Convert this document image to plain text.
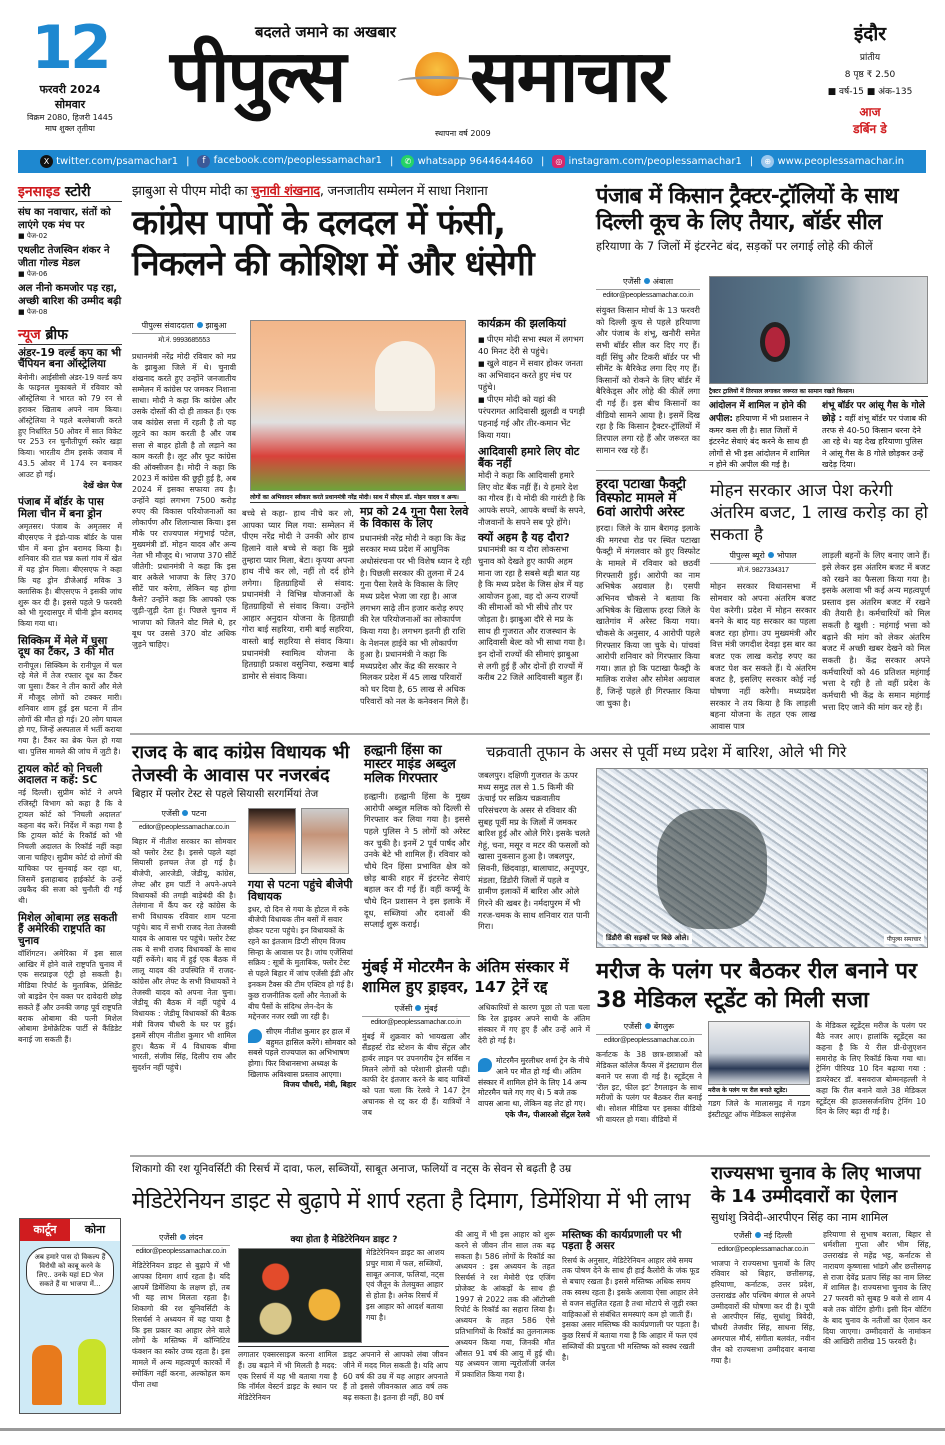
12
फरवरी 2024
सोमवार
विक्रम 2080, हिजरी 1445
माघ शुक्ल तृतीया
बदलते जमाने का अखबार
पीपुल्स समाचार
स्थापना वर्ष 2009
इंदौर
प्रांतीय
8 पृष्ठ ₹ 2.50
■ वर्ष-15 ■ अंक-135
आज
डर्बिन डे
X twitter.com/psamachar1 |	f facebook.com/peoplessamachar1 |	✆ whatsapp 9644644460 |	◎ instagram.com/peoplessamachar1 |	⊕ www.peoplessamachar.in
इनसाइड स्टोरी
संघ का नवाचार, संतों को लाएंगे एक मंच पर
■ पेज-02
एथलीट तेजस्विन शंकर ने जीता गोल्ड मेडल
■ पेज-06
अल नीनो कमजोर पड़ रहा, अच्छी बारिश की उम्मीद बढ़ी
■ पेज-08
न्यूज ब्रीफ
अंडर-19 वर्ल्ड कप का भी चैंपियन बना ऑस्ट्रेलिया
बेनोनी। आईसीसी अंडर-19 वर्ल्ड कप के फाइनल मुकाबले में रविवार को ऑस्ट्रेलिया ने भारत को 79 रन से हराकर खिताब अपने नाम किया। ऑस्ट्रेलिया ने पहले बल्लेबाजी करते हुए निर्धारित 50 ओवर में सात विकेट पर 253 रन चुनौतीपूर्ण स्कोर खड़ा किया। भारतीय टीम इसके जवाब में 43.5 ओवर में 174 रन बनाकर आउट हो गई।
देखें खेल पेज
पंजाब में बॉर्डर के पास मिला चीन में बना ड्रोन
अमृतसर। पंजाब के अमृतसर में बीएसएफ ने इंडो-पाक बॉर्डर के पास चीन में बना ड्रोन बरामद किया है। शनिवार की रात चन्न कलां गांव में खेत में यह ड्रोन मिला। बीएसएफ ने कहा कि यह ड्रोन डीजेआई मविक 3 क्लासिक है। बीएसएफ ने इसकी जांच शुरू कर दी है। इससे पहले 9 फरवरी को भी गुरदासपुर में चीनी ड्रोन बरामद किया गया था।
सिक्किम में मेले में घुसा दूध का टैंकर, 3 की मौत
रानीपूल। सिक्किम के रानीपूल में चल रहे मेले में तेज रफ्तार दूध का टैंकर जा घुसा। टैंकर ने तीन कारों और मेले में मौजूद लोगों को टक्कर मारी। शनिवार शाम हुई इस घटना में तीन लोगों की मौत हो गई। 20 लोग घायल हो गए, जिन्हें अस्पताल में भर्ती कराया गया है। टैंकर का ब्रेक फेल हो गया था। पुलिस मामले की जांच में जुटी है।
ट्रायल कोर्ट को निचली अदालत न कहें: SC
नई दिल्ली। सुप्रीम कोर्ट ने अपने रजिस्ट्री विभाग को कहा है कि वे ट्रायल कोर्ट को 'निचली अदालत' कहना बंद करें। निर्देश में कहा गया है कि ट्रायल कोर्ट के रिकॉर्ड को भी निचली अदालत के रिकॉर्ड नहीं कहा जाना चाहिए। सुप्रीम कोर्ट दो लोगों की याचिका पर सुनवाई कर रहा था, जिसमें इलाहाबाद हाईकोर्ट के उन्हें उम्रकैद की सजा को चुनौती दी गई थी।
मिशेल ओबामा लड़ सकती हैं अमेरिकी राष्ट्रपति का चुनाव
वॉशिंगटन। अमेरिका में इस साल आखिर में होने वाले राष्ट्रपति चुनाव में एक सरप्राइज एंट्री हो सकती है। मीडिया रिपोर्ट के मुताबिक, प्रेसिडेंट जो बाइडेन ऐन वक्त पर दावेदारी छोड़ सकते हैं और उनकी जगह पूर्व राष्ट्रपति बराक ओबामा की पत्नी मिशेल ओबामा डेमोक्रेटिक पार्टी से कैंडिडेट बनाई जा सकती हैं।
कार्टून	कोना
अब हमारे पास दो विकल्प हैं विरोधी को काबू करने के लिए.. उनके यहां ED भेज सकते हैं या भाजपा में...
झाबुआ से पीएम मोदी का चुनावी शंखनाद, जनजातीय सम्मेलन में साधा निशाना
कांग्रेस पापों के दलदल में फंसी,
निकलने की कोशिश में और धंसेगी
पीपुल्स संवाददाता झाबुआ
मो.नं. 9993685553
प्रधानमंत्री नरेंद्र मोदी रविवार को मप्र के झाबुआ जिले में थे। चुनावी शंखनाद करते हुए उन्होंने जनजातीय सम्मेलन में कांग्रेस पर जमकर निशाना साधा। मोदी ने कहा कि कांग्रेस और उसके दोस्तों की दो ही ताकत हैं। एक जब कांग्रेस सत्ता में रहती है तो यह लूटने का काम करती है और जब सत्ता से बाहर होती है तो लड़ाने का काम करती है। लूट और फूट कांग्रेस की ऑक्सीजन है। मोदी ने कहा कि 2023 में कांग्रेस की छुट्टी हुई है, अब 2024 में इसका सफाया तय है। उन्होंने यहां लगभग 7500 करोड़ रुपए की विकास परियोजनाओं का लोकार्पण और शिलान्यास किया। इस मौके पर राज्यपाल मंगुभाई पटेल, मुख्यमंत्री डॉ. मोहन यादव और अन्य नेता भी मौजूद थे। भाजपा 370 सीटें जीतेगी: प्रधानमंत्री ने कहा कि इस बार अकेले भाजपा के लिए 370 सीटें पार करेगा, लेकिन यह होगा कैसे? उन्होंने कहा कि आपको एक जुड़ी-जुड़ी देता हूं। पिछले चुनाव में भाजपा को जितने वोट मिले थे, हर बूथ पर उससे 370 वोट अधिक जुड़ने चाहिए।
लोगों का अभिवादन स्वीकार करते प्रधानमंत्री नरेंद्र मोदी। साथ में सीएम डॉ. मोहन यादव व अन्य।
कार्यक्रम की झलकियां
■ पीएम मोदी सभा स्थल में लगभग 40 मिनट देरी से पहुंचे।
■ खुले वाहन में सवार होकर जनता का अभिवादन करते हुए मंच पर पहुंचे।
■ पीएम मोदी को यहां की परंपरागत आदिवासी झुलडी व पगड़ी पहनाई गई और तीर-कमान भेंट किया गया।
आदिवासी हमारे लिए वोट बैंक नहीं
मोदी ने कहा कि आदिवासी हमारे लिए वोट बैंक नहीं हैं। ये हमारे देश का गौरव हैं। ये मोदी की गारंटी है कि आपके सपने, आपके बच्चों के सपने, नौजवानों के सपने सब पूरे होंगे।
क्यों अहम है यह दौरा?
प्रधानमंत्री का य दौरा लोकसभा चुनाव को देखते हुए काफी अहम माना जा रहा है सबसे बड़ी बात यह है कि मध्य प्रदेश के जिस क्षेत्र में यह आयोजन हुआ, वह दो अन्य राज्यों की सीमाओं को भी सीधे तौर पर जोड़ता है। झाबुआ दौरे से मप्र के साथ ही गुजरात और राजस्थान के आदिवासी बेल्ट को भी साधा गया है। इन दोनों राज्यों की सीमाएं झाबुआ से लगी हुई हैं और दोनों ही राज्यों में करीब 22 जिले आदिवासी बहुल हैं।
बच्चे से कहा- हाथ नीचे कर लो, आपका प्यार मिल गया: सम्मेलन में पीएम नरेंद्र मोदी ने उनकी ओर हाथ हिलाने वाले बच्चे से कहा कि मुझे तुम्हारा प्यार मिला, बेटा। कृपया अपना हाथ नीचे कर लो, नहीं तो दर्द होने लगेगा। हितग्राहियों से संवाद: प्रधानमंत्री ने विभिन्न योजनाओं के हितग्राहियों से संवाद किया। उन्होंने आहार अनुदान योजना के हितग्राही गोरा बाई सहरिया, रामी बाई सहरिया, वास्तो बाई सहरिया से संवाद किया। प्रधानमंत्री स्वामित्व योजना के हितग्राही प्रकाश वसुनिया, रुखमा बाई डामोर से संवाद किया।
मप्र को 24 गुना पैसा रेलवे के विकास के लिए
प्रधानमंत्री नरेंद्र मोदी ने कहा कि केंद्र सरकार मध्य प्रदेश में आधुनिक अधोसंरचना पर भी विशेष ध्यान दे रही है। पिछली सरकार की तुलना में 24 गुना पैसा रेलवे के विकास के लिए मध्य प्रदेश भेजा जा रहा है। आज लगभग साढ़े तीन हजार करोड़ रुपए की रेल परियोजनाओं का लोकार्पण किया गया है। लगभग इतनी ही राशि के नेशनल हाईवे का भी लोकार्पण हुआ है। प्रधानमंत्री ने कहा कि मध्यप्रदेश और केंद्र की सरकार ने मिलकर प्रदेश में 45 लाख परिवारों को घर दिया है, 65 लाख से अधिक परिवारों को नल के कनेक्शन मिले हैं।
पंजाब में किसान ट्रैक्टर-ट्रॉलियों के साथ दिल्ली कूच के लिए तैयार, बॉर्डर सील
हरियाणा के 7 जिलों में इंटरनेट बंद, सड़कों पर लगाई लोहे की कीलें
एजेंसी अंबाला
editor@peoplessamachar.co.in
संयुक्त किसान मोर्चा के 13 फरवरी को दिल्ली कूच से पहले हरियाणा और पंजाब के शंभू, खनौरी समेत सभी बॉर्डर सील कर दिए गए हैं। वहीं सिंघु और टिकरी बॉर्डर पर भी सीमेंट के बैरिकेड लगा दिए गए हैं। किसानों को रोकने के लिए बॉर्डर में बैरिकेड्स और लोहे की कीलें लगा दी गई हैं। इस बीच किसानों का वीडियो सामने आया है। इसमें दिख रहा है कि किसान ट्रैक्टर-ट्रॉलियों में तिरपाल लगा रहे हैं और जरूरत का सामान रख रहे हैं।
ट्रैक्टर ट्रालियों में तिरपाल लगाकर जरूरत का सामान रखते किसान।
आंदोलन में शामिल न होने की अपील: हरियाणा में भी प्रशासन ने कमर कस ली है। सात जिलों में इंटरनेट सेवाएं बंद करने के साथ ही लोगों से भी इस आंदोलन में शामिल न होने की अपील की गई है।
शंभू बॉर्डर पर आंसू गैस के गोले छोड़े : वहीं शंभू बॉर्डर पर पंजाब की तरफ से 40-50 किसान धरना देने आ रहे थे। यह देख हरियाणा पुलिस ने आंसू गैस के 8 गोले छोड़कर उन्हें खदेड़ दिया।
हरदा पटाखा फैक्ट्री विस्फोट मामले में 6वां आरोपी अरेस्ट
हरदा। जिले के ग्राम बैरागढ़ इलाके की मगरधा रोड पर स्थित पटाखा फैक्ट्री में मंगलवार को हुए विस्फोट के मामले में रविवार को छठवीं गिरफ्तारी हुई। आरोपी का नाम अभिषेक अग्रवाल है। एसपी अभिनव चौकसे ने बताया कि अभिषेक के खिलाफ हरदा जिले के खातेगांव में अरेस्ट किया गया। चौकसे के अनुसार, 4 आरोपी पहले गिरफ्तार किया जा चुके थे। पांचवां आरोपी शनिवार को गिरफ्तार किया गया। ज्ञात हो कि पटाखा फैक्ट्री के मालिक राजेश और सोमेश अग्रवाल हैं, जिन्हें पहले ही गिरफ्तार किया जा चुका है।
मोहन सरकार आज पेश करेगी अंतरिम बजट, 1 लाख करोड़ का हो सकता है
पीपुल्स ब्यूरो भोपाल
मो.नं. 9827334317
मोहन सरकार विधानसभा में सोमवार को अपना अंतरिम बजट पेश करेगी। प्रदेश में मोहन सरकार बनने के बाद यह सरकार का पहला बजट रहा होगा। उप मुख्यमंत्री और वित्त मंत्री जगदीश देवड़ा इस बार का बजट एक लाख करोड़ रुपए का बजट पेश कर सकते हैं। ये अंतरिम बजट है, इसलिए सरकार कोई नई घोषणा नहीं करेगी। मध्यप्रदेश सरकार ने तय किया है कि लाड़ली बहना योजना के तहत एक लाख आवास पात्र
लाड़ली बहनों के लिए बनाए जाने हैं। इसे लेकर इस अंतरिम बजट में बजट को रखने का फैसला किया गया है। इसके अलावा भी कई अन्य महत्वपूर्ण प्रस्ताव इस अंतरिम बजट में रखने की तैयारी है। कर्मचारियों को मिल सकती है खुशी : महंगाई भत्ता को बढ़ाने की मांग को लेकर अंतरिम बजट में अच्छी खबर देखने को मिल सकती है। केंद्र सरकार अपने कर्मचारियों को 46 प्रतिशत महंगाई भत्ता दे रही है तो वहीं प्रदेश के कर्मचारी भी केंद्र के समान महंगाई भत्ता दिए जाने की मांग कर रहे हैं।
राजद के बाद कांग्रेस विधायक भी तेजस्वी के आवास पर नजरबंद
बिहार में फ्लोर टेस्ट से पहले सियासी सरगर्मियां तेज
एजेंसी पटना
editor@peoplessamachar.co.in
बिहार में नीतीश सरकार का सोमवार को फ्लोर टेस्ट है। इससे पहले यहां सियासी हलचल तेज हो गई है। बीजेपी, आरजेडी, जेडीयू, कांग्रेस, लेफ्ट और हम पार्टी ने अपने-अपने विधायकों की तगड़ी बाड़ेबंदी की है। तेलंगाना में कैंप कर रहे कांग्रेस के सभी विधायक रविवार शाम पटना पहुंचे। बाद में सभी राजद नेता तेजस्वी यादव के आवास पर पहुंचे। फ्लोर टेस्ट तक ये सभी राजद विधायकों के साथ यहीं रुकेंगे। बाद में हुई एक बैठक में लालू यादव की उपस्थिति में राजद-कांग्रेस और लेफ्ट के सभी विधायकों ने तेजस्वी यादव को अपना नेता चुना। जेडीयू की बैठक में नहीं पहुंचे 4 विधायक : जेडीयू विधायकों की बैठक मंत्री विजय चौधरी के घर पर हुई। इसमें सीएम नीतीश कुमार भी शामिल हुए। बैठक में 4 विधायक बीमा भारती, संजीव सिंह, दिलीप राय और सुदर्शन नहीं पहुंचे।
गया से पटना पहुंचे बीजेपी विधायक
इधर, दो दिन से गया के होटल में रुके बीजेपी विधायक तीन बसों में सवार होकर पटना पहुंचे। इन विधायकों के रहने का इंतजाम डिप्टी सीएम विजय सिन्हा के आवास पर है। जांच एजेंसियां सक्रिय : सूत्रों के मुताबिक, फ्लोर टेस्ट से पहले बिहार में जांच एजेंसी ईडी और इनकम टैक्स की टीम एक्टिव हो गई है। कुछ राजनीतिक दलों और नेताओं के बीच पैसों के संदिग्ध लेन-देन के मद्देनजर नजर रखी जा रही है।
सीएम नीतीश कुमार हर हाल में बहुमत हासिल करेंगे। सोमवार को सबसे पहले राज्यपाल का अभिभाषण होगा। फिर विधानसभा अध्यक्ष के खिलाफ अविश्वास प्रस्ताव आएगा।
विजय चौधरी, मंत्री, बिहार
हल्द्वानी हिंसा का मास्टर माइंड अब्दुल मलिक गिरफ्तार
हल्द्वानी। हल्द्वानी हिंसा के मुख्य आरोपी अब्दुल मलिक को दिल्ली से गिरफ्तार कर लिया गया है। इससे पहले पुलिस ने 5 लोगों को अरेस्ट कर चुकी है। इनमें 2 पूर्व पार्षद और उनके बेटे भी शामिल हैं। रविवार को चौथे दिन हिंसा प्रभावित क्षेत्र को छोड़ बाकी शहर में इंटरनेट सेवाएं बहाल कर दी गई हैं। वहीं कर्फ्यू के चौथे दिन प्रशासन ने इस इलाके में दूध, सब्जियां और दवाओं की सप्लाई शुरू कराई।
चक्रवाती तूफान के असर से पूर्वी मध्य प्रदेश में बारिश, ओले भी गिरे
जबलपुर। दक्षिणी गुजरात के ऊपर मध्य समुद्र तल से 1.5 किमी की ऊंचाई पर सक्रिय चक्रवातीय परिसंचरण के असर से रविवार की सुबह पूर्वी मप्र के जिलों में जमकर बारिश हुई और ओले गिरे। इसके चलते गेहूं, चना, मसूर व मटर की फसलों को खासा नुकसान हुआ है। जबलपुर, सिवनी, छिंदवाड़ा, बालाघाट, अनूपपुर, मंडला, डिंडोरी जिलों में पहले व ग्रामीण इलाकों में बारिश और ओले गिरने की खबर है। नर्मदापुरम में भी गरज-चमक के साथ शनिवार रात पानी गिरा।
डिंडौरी की सड़कों पर बिछे ओले।	पीपुल्स समाचार
मुंबई में मोटरमैन के अंतिम संस्कार में शामिल हुए ड्राइवर, 147 ट्रेनें रद्द
एजेंसी मुंबई
editor@peoplessamachar.co.in
मुंबई में शुक्रवार को भायखला और सैंडहर्स्ट रोड स्टेशन के बीच सेंट्रल और हार्बर लाइन पर उपनगरीय ट्रेन सर्विस न मिलने लोगों को परेशानी झेलनी पड़ी। काफी देर इंतजार करने के बाद यात्रियों को पता चला कि रेलवे ने 147 ट्रेन अचानक से रद्द कर दी हैं। यात्रियों ने जब
अधिकारियों से कारण पूछा तो पता चला कि रेल ड्राइवर अपने साथी के अंतिम संस्कार में गए हुए हैं और उन्हें आने में देरी हो गई है।
मोटरमैन मुरलीधर शर्मा ट्रेन के नीचे आने पर मौत हो गई थी। अंतिम संस्कार में शामिल होने के लिए 14 अन्य मोटरमैन चले गए गए थे। 5 बजे तक वापस आना था, लेकिन वह लेट हो गए।
एके जैन, पीआरओ सेंट्रल रेलवे
मरीज के पलंग पर बैठकर रील बनाने पर 38 मेडिकल स्टूडेंट को मिली सजा
एजेंसी बेंगलुरू
editor@peoplessamachar.co.in
कर्नाटक के 38 छात्र-छात्राओं को मेडिकल कॉलेज कैंपस में इंस्टाग्राम रील बनाने पर सजा दी गई है। स्टूडेंट्स ने 'रील इट, फील इट' टैगलाइन के साथ मरीजों के पलंग पर बैठकर रील बनाई थी। सोशल मीडिया पर इसका वीडियो भी वायरल हो गया। वीडियो में
मरीज के पलंग पर रील बनाते स्टूडेंट।
गडग जिले के मालासमुद्र में गडग इंस्टीट्यूट ऑफ मेडिकल साइंसेज
के मेडिकल स्टूडेंट्स मरीज के पलंग पर बैठे नजर आए। हालांकि स्टूडेंट्स का कहना है कि ये रील प्री-ग्रेजुएशन समारोह के लिए रिकॉर्ड किया गया था। ट्रेनिंग पीरियड 10 दिन बढ़ाया गया : डायरेक्टर डॉ. बसवराज बोम्मनहल्ली ने कहा कि रील बनाने वाले 38 मेडिकल स्टूडेंट्स की हाउससर्जनशिप ट्रेनिंग 10 दिन के लिए बढ़ा दी गई है।
शिकागो की रश यूनिवर्सिटी की रिसर्च में दावा, फल, सब्जियों, साबूत अनाज, फलियों व नट्स के सेवन से बढ़ती है उम्र
मेडिटेरेनियन डाइट से बुढ़ापे में शार्प रहता है दिमाग, डिमेंशिया में भी लाभ
एजेंसी लंदन
editor@peoplessamachar.co.in
मेडिटेरेनियन डाइट से बुढ़ापे में भी आपका दिमाग शार्प रहता है। यदि आपमें डिमेंशिया के लक्षण हों, तब भी यह लाभ मिलता रहता है। शिकागो की रश यूनिवर्सिटी के रिसर्चर्स ने अध्ययन में यह पाया है कि इस प्रकार का आहार लेने वाले लोगों के मस्तिष्क में कॉग्निटिव फंक्शन का स्कोर उच्च रहता है। इस मामले में अन्य महत्वपूर्ण कारकों में स्मोकिंग नहीं करना, अल्कोहल कम पीना तथा
क्या होता है मेडिटेरेनियन डाइट ?
मेडिटेरेनियन डाइट का आशय प्रचुर मात्रा में फल, सब्जियों, साबूत अनाज, फलियां, नट्स एवं जैतून के तेलयुक्त आहार से होता है। अनेक रिसर्च में इस आहार को आदर्श बताया गया है।
लगातार एक्सरसाइज करना शामिल हैं। उम्र बढ़ाने में भी मिलती है मदद: एक रिसर्च में यह भी बताया गया है कि नॉर्मल वेस्टर्न डाइट के स्थान पर मेडिटेरेनियन
डाइट अपनाने से आपको लंबा जीवन जीने में मदद मिल सकती है। यदि आप 60 वर्ष की उम्र में यह आहार अपनाते हैं तो इससे जीवनकाल आठ वर्ष तक बढ़ सकता है। इतना ही नहीं, 80 वर्ष
की आयु में भी इस आहार को शुरू करने से जीवन तीन साल तक बढ़ सकता है। 586 लोगों के रिकॉर्ड का अध्ययन : इस अध्ययन के तहत रिसर्चर्स ने रश मेमोरी एंड एजिंग प्रोजेक्ट के आंकड़ों के साथ ही 1997 से 2022 तक की ऑटोप्सी रिपोर्ट के रिकॉर्ड का सहारा लिया है। अध्ययन के तहत 586 ऐसे प्रतिभागियों के रिकॉर्ड का तुलनात्मक अध्ययन किया गया, जिनकी मौत औसत 91 वर्ष की आयु में हुई थी। यह अध्ययन जामा न्यूरोलॉजी जर्नल में प्रकाशित किया गया है।
मस्तिष्क की कार्यप्रणाली पर भी पड़ता है असर
रिसर्च के अनुसार, मेडिटेरेनियन आहार लंबे समय तक पोषण देने के साथ ही हाई कैलोरी के जंक फूड से बचाए रखता है। इससे मस्तिष्क अधिक समय तक स्वस्थ रहता है। इसके अलावा ऐसा आहार लेने से वजन संतुलित रहता है तथा मोटापे से जुड़ी रक्त वाहिकाओं से संबंधित समस्याएं कम हो जाती हैं। इसका असर मस्तिष्क की कार्यप्रणाली पर पड़ता है। कुछ रिसर्च में बताया गया है कि आहार में फल एवं सब्जियों की प्रचुरता भी मस्तिष्क को स्वस्थ रखती है।
राज्यसभा चुनाव के लिए भाजपा के 14 उम्मीदवारों का ऐलान
सुधांशु त्रिवेदी-आरपीएन सिंह का नाम शामिल
एजेंसी नई दिल्ली
editor@peoplessamachar.co.in
भाजपा ने राज्यसभा चुनावों के लिए रविवार को बिहार, छत्तीसगढ़, हरियाणा, कर्नाटक, उत्तर प्रदेश, उत्तराखंड और पश्चिम बंगाल से अपने उम्मीदवारों की घोषणा कर दी है। यूपी से आरपीएन सिंह, सुधांशु त्रिवेदी, चौधरी तेजवीर सिंह, साधना सिंह, अमरपाल मौर्य, संगीता बलवंत, नवीन जैन को राज्यसभा उम्मीदवार बनाया गया है।
हरियाणा से सुभाष बराला, बिहार से धर्मशीला गुप्ता और भीम सिंह, उत्तराखंड से महेंद्र भट्ट, कर्नाटक से नारायण कृष्णासा भांडगे और छत्तीसगढ़ से राजा देवेंद्र प्रताप सिंह का नाम लिस्ट में शामिल है। राज्यसभा चुनाव के लिए 27 फरवरी को सुबह 9 बजे से शाम 4 बजे तक वोटिंग होगी। इसी दिन वोटिंग के बाद चुनाव के नतीजों का ऐलान कर दिया जाएगा। उम्मीदवारों के नामांकन की आखिरी तारीख 15 फरवरी है।
